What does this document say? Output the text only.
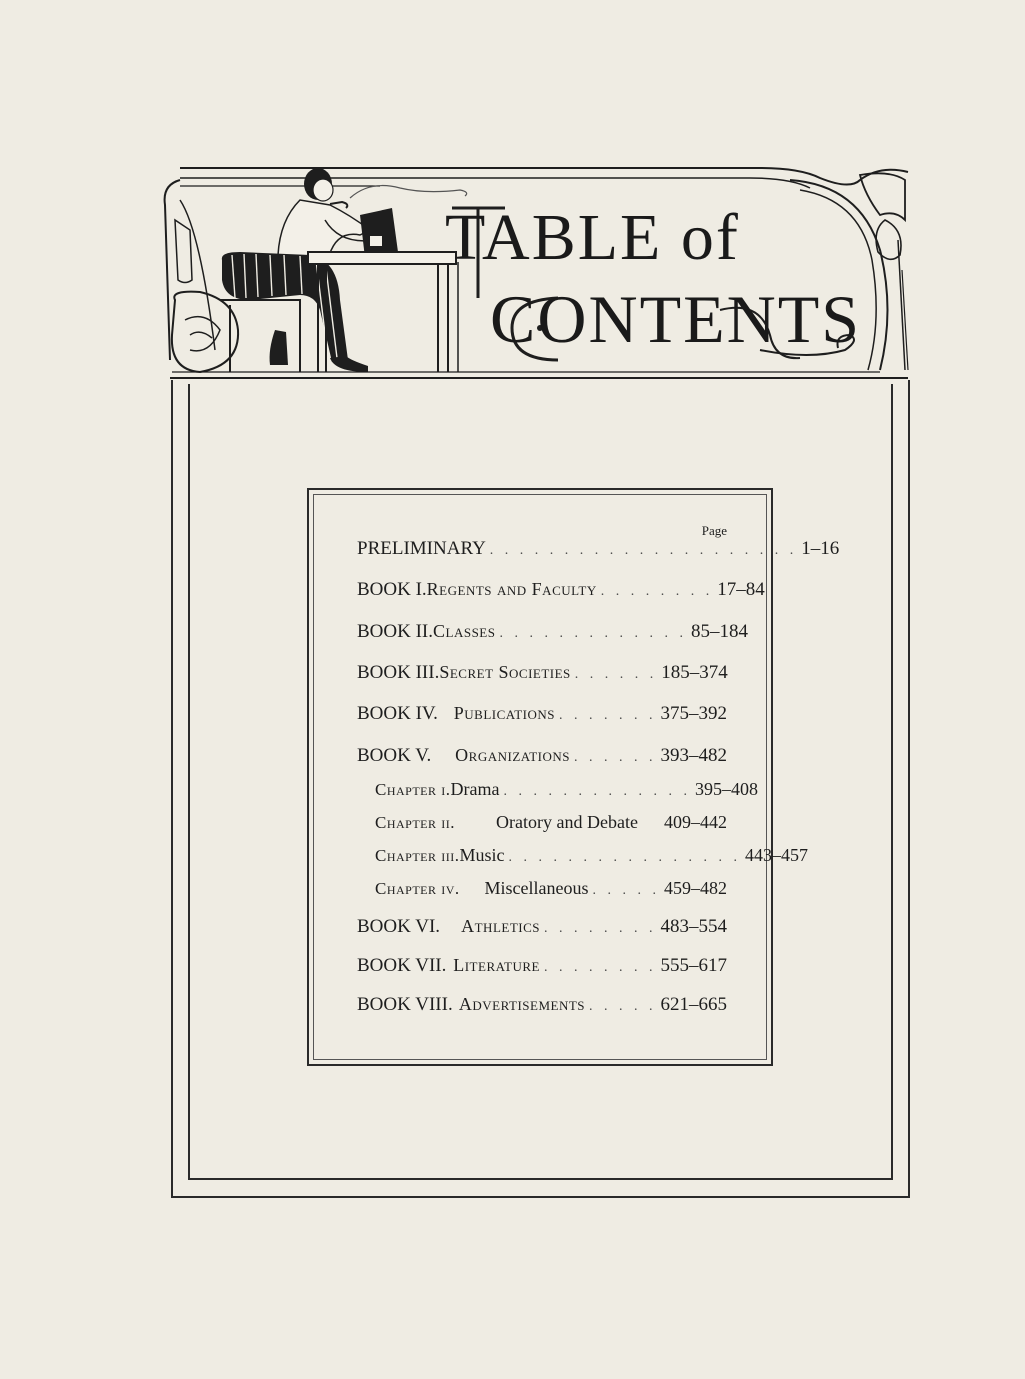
TABLE of
CONTENTS
Page
PRELIMINARY . . . . . . . . . . . . . . . . . . . . . 1–16
BOOK I. Regents and Faculty . . . . . . . . 17–84
BOOK II. Classes . . . . . . . . . . . . . 85–184
BOOK III. Secret Societies . . . . . . 185–374
BOOK IV. Publications . . . . . . . 375–392
BOOK V.	Organizations . . . . . . 393–482
Chapter i. Drama . . . . . . . . . . . . . 395–408
Chapter ii.	Oratory and Debate 409–442
Chapter iii. Music . . . . . . . . . . . . . . . . 443–457
Chapter iv.	Miscellaneous . . . . . 459–482
BOOK VI.	Athletics . . . . . . . . 483–554
BOOK VII. Literature . . . . . . . . 555–617
BOOK VIII. Advertisements . . . . . 621–665
